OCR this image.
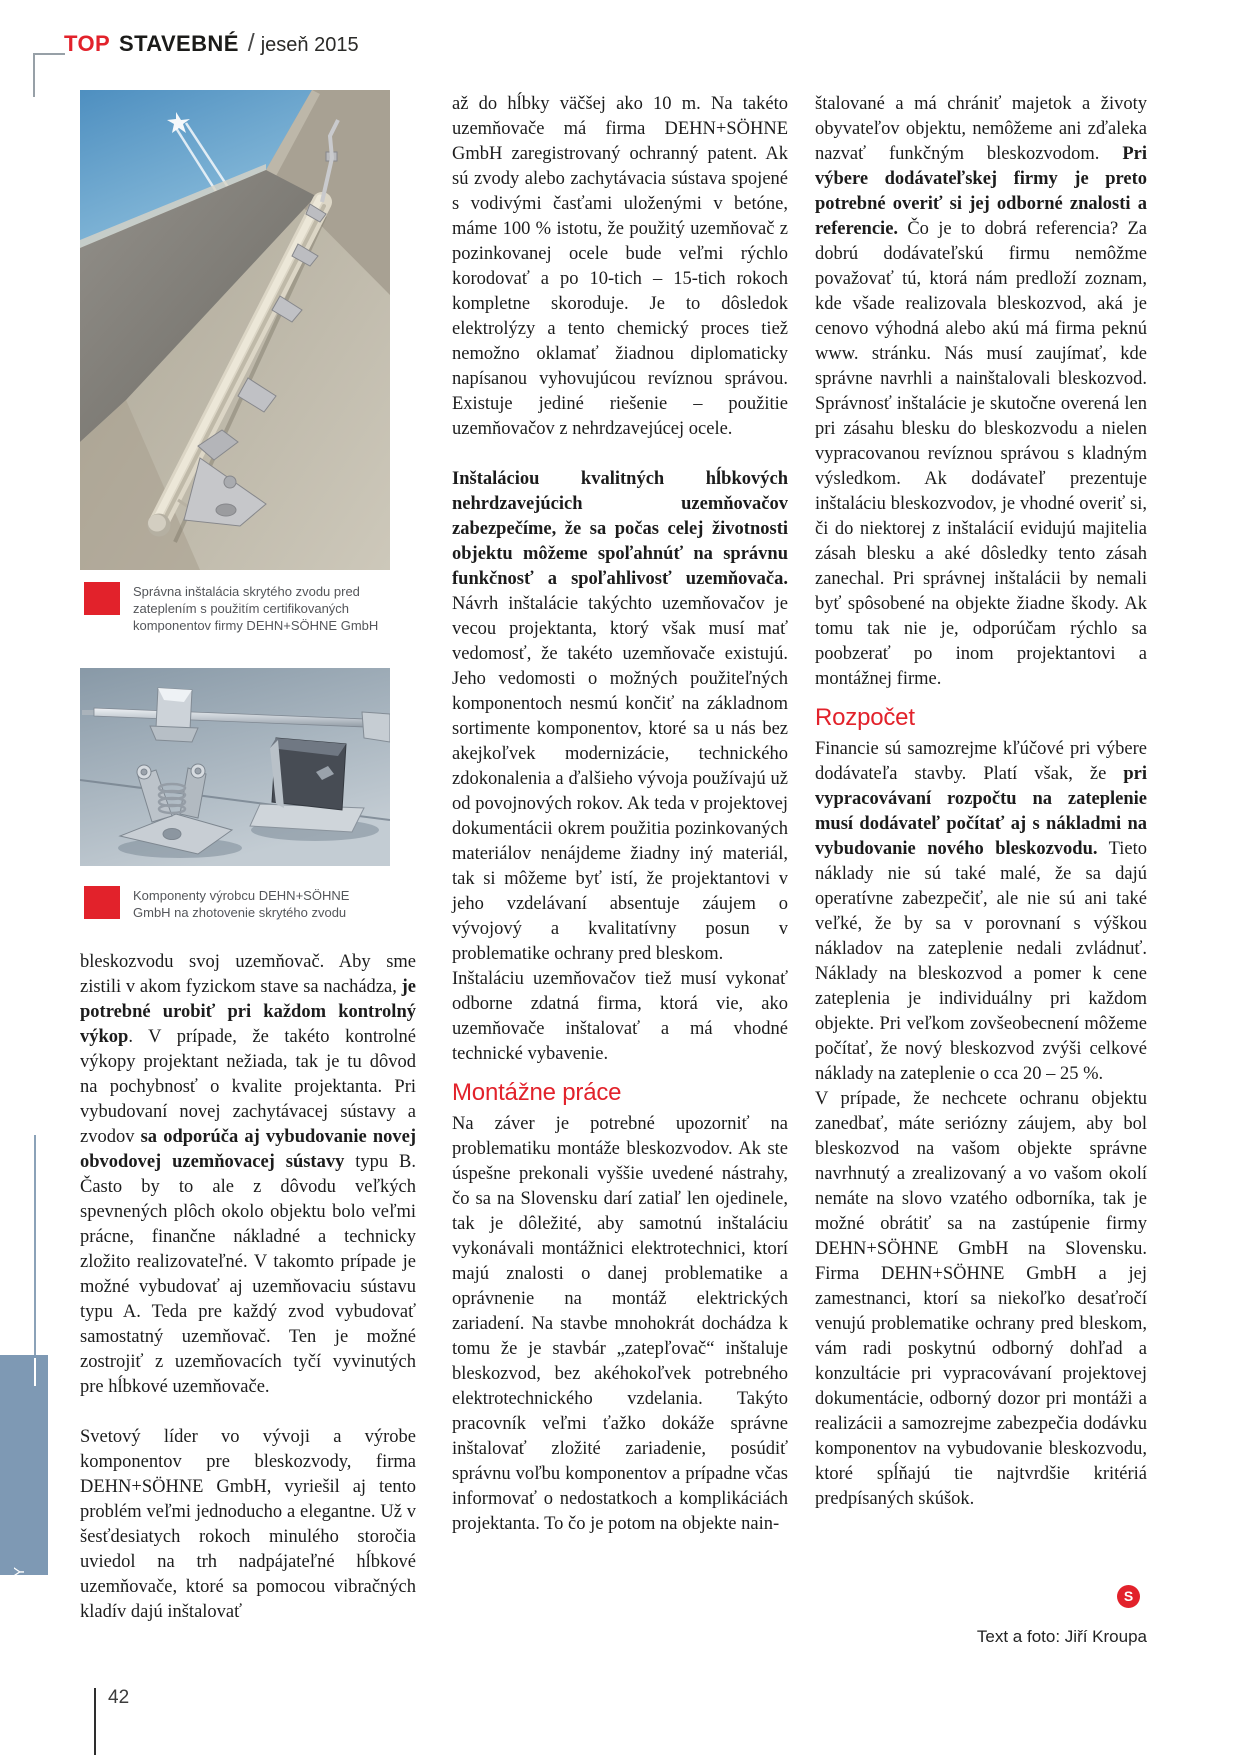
TOP STAVEBNÉ / jeseň 2015
Správna inštalácia skrytého zvodu pred zateplením s použitím certifikovaných komponentov firmy DEHN+SÖHNE GmbH
Komponenty výrobcu DEHN+SÖHNE GmbH na zhotovenie skrytého zvodu

bleskozvodu svoj uzemňovač. Aby sme zistili v akom fyzickom stave sa nachádza, je potrebné urobiť pri každom kontrolný výkop. V prípade, že takéto kontrolné výkopy projektant nežiada, tak je tu dôvod na pochybnosť o kvalite projektanta. Pri vybudovaní novej zachytávacej sústavy a zvodov sa odporúča aj vybudovanie novej obvodovej uzemňovacej sústavy typu B. Často by to ale z dôvodu veľkých spevnených plôch okolo objektu bolo veľmi prácne, finančne nákladné a technicky zložito realizovateľné. V takomto prípade je možné vybudovať aj uzemňovaciu sústavu typu A. Teda pre každý zvod vybudovať samostatný uzemňovač. Ten je možné zostrojiť z uzemňovacích tyčí vyvinutých pre hĺbkové uzemňovače.

Svetový líder vo vývoji a výrobe komponentov pre bleskozvody, firma DEHN+SÖHNE GmbH, vyriešil aj tento problém veľmi jednoducho a elegantne. Už v šesťdesiatych rokoch minulého storočia uviedol na trh nadpájateľné hĺbkové uzemňovače, ktoré sa pomocou vibračných kladív dajú inštalovať

až do hĺbky väčšej ako 10 m. Na takéto uzemňovače má firma DEHN+SÖHNE GmbH zaregistrovaný ochranný patent. Ak sú zvody alebo zachytávacia sústava spojené s vodivými časťami uloženými v betóne, máme 100 % istotu, že použitý uzemňovač z pozinkovanej ocele bude veľmi rýchlo korodovať a po 10-tich – 15-tich rokoch kompletne skoroduje. Je to dôsledok elektrolýzy a tento chemický proces tiež nemožno oklamať žiadnou diplomaticky napísanou vyhovujúcou revíznou správou. Existuje jediné riešenie – použitie uzemňovačov z nehrdzavejúcej ocele.

Inštaláciou kvalitných hĺbkových nehrdzavejúcich uzemňovačov zabezpečíme, že sa počas celej životnosti objektu môžeme spoľahnúť na správnu funkčnosť a spoľahlivosť uzemňovača. Návrh inštalácie takýchto uzemňovačov je vecou projektanta, ktorý však musí mať vedomosť, že takéto uzemňovače existujú. Jeho vedomosti o možných použiteľných komponentoch nesmú končiť na základnom sortimente komponentov, ktoré sa u nás bez akejkoľvek modernizácie, technického zdokonalenia a ďalšieho vývoja používajú už od povojnových rokov. Ak teda v projektovej dokumentácii okrem použitia pozinkovaných materiálov nenájdeme žiadny iný materiál, tak si môžeme byť istí, že projektantovi v jeho vzdelávaní absentuje záujem o vývojový a kvalitatívny posun v problematike ochrany pred bleskom.

Inštaláciu uzemňovačov tiež musí vykonať odborne zdatná firma, ktorá vie, ako uzemňovače inštalovať a má vhodné technické vybavenie.

Montážne práce

Na záver je potrebné upozorniť na problematiku montáže bleskozvodov. Ak ste úspešne prekonali vyššie uvedené nástrahy, čo sa na Slovensku darí zatiaľ len ojedinele, tak je dôležité, aby samotnú inštaláciu vykonávali montážnici elektrotechnici, ktorí majú znalosti o danej problematike a oprávnenie na montáž elektrických zariadení. Na stavbe mnohokrát dochádza k tomu že je stavbár „zatepľovač“ inštaluje bleskozvod, bez akéhokoľvek potrebného elektrotechnického vzdelania. Takýto pracovník veľmi ťažko dokáže správne inštalovať zložité zariadenie, posúdiť správnu voľbu komponentov a prípadne včas informovať o nedostatkoch a komplikáciách projektanta. To čo je potom na objekte nain-

štalované a má chrániť majetok a životy obyvateľov objektu, nemôžeme ani zďaleka nazvať funkčným bleskozvodom. Pri výbere dodávateľskej firmy je preto potrebné overiť si jej odborné znalosti a referencie. Čo je to dobrá referencia? Za dobrú dodávateľskú firmu nemôžme považovať tú, ktorá nám predloží zoznam, kde všade realizovala bleskozvod, aká je cenovo výhodná alebo akú má firma peknú www. stránku. Nás musí zaujímať, kde správne navrhli a nainštalovali bleskozvod. Správnosť inštalácie je skutočne overená len pri zásahu blesku do bleskozvodu a nielen vypracovanou revíznou správou s kladným výsledkom. Ak dodávateľ prezentuje inštaláciu bleskozvodov, je vhodné overiť si, či do niektorej z inštalácií evidujú majitelia zásah blesku a aké dôsledky tento zásah zanechal. Pri správnej inštalácii by nemali byť spôsobené na objekte žiadne škody. Ak tomu tak nie je, odporúčam rýchlo sa poobzerať po inom projektantovi a montážnej firme.

Rozpočet

Financie sú samozrejme kľúčové pri výbere dodávateľa stavby. Platí však, že pri vypracovávaní rozpočtu na zateplenie musí dodávateľ počítať aj s nákladmi na vybudovanie nového bleskozvodu. Tieto náklady nie sú také malé, že sa dajú operatívne zabezpečiť, ale nie sú ani také veľké, že by sa v porovnaní s výškou nákladov na zateplenie nedali zvládnuť. Náklady na bleskozvod a pomer k cene zateplenia je individuálny pri každom objekte. Pri veľkom zovšeobecnení môžeme počítať, že nový bleskozvod zvýši celkové náklady na zateplenie o cca 20 – 25 %.

V prípade, že nechcete ochranu objektu zanedbať, máte seriózny záujem, aby bol bleskozvod na vašom objekte správne navrhnutý a zrealizovaný a vo vašom okolí nemáte na slovo vzatého odborníka, tak je možné obrátiť sa na zastúpenie firmy DEHN+SÖHNE GmbH na Slovensku. Firma DEHN+SÖHNE GmbH a jej zamestnanci, ktorí sa niekoľko desaťročí venujú problematike ochrany pred bleskom, vám radi poskytnú odborný dohľad a konzultácie pri vypracovávaní projektovej dokumentácie, odborný dozor pri montáži a realizácii a samozrejme zabezpečia dodávku komponentov na vybudovanie bleskozvodu, ktoré spĺňajú tie najtvrdšie kritériá predpísaných skúšok.

S
Text a foto: Jiří Kroupa
STAVEBNÉ MATERIÁLY	42
